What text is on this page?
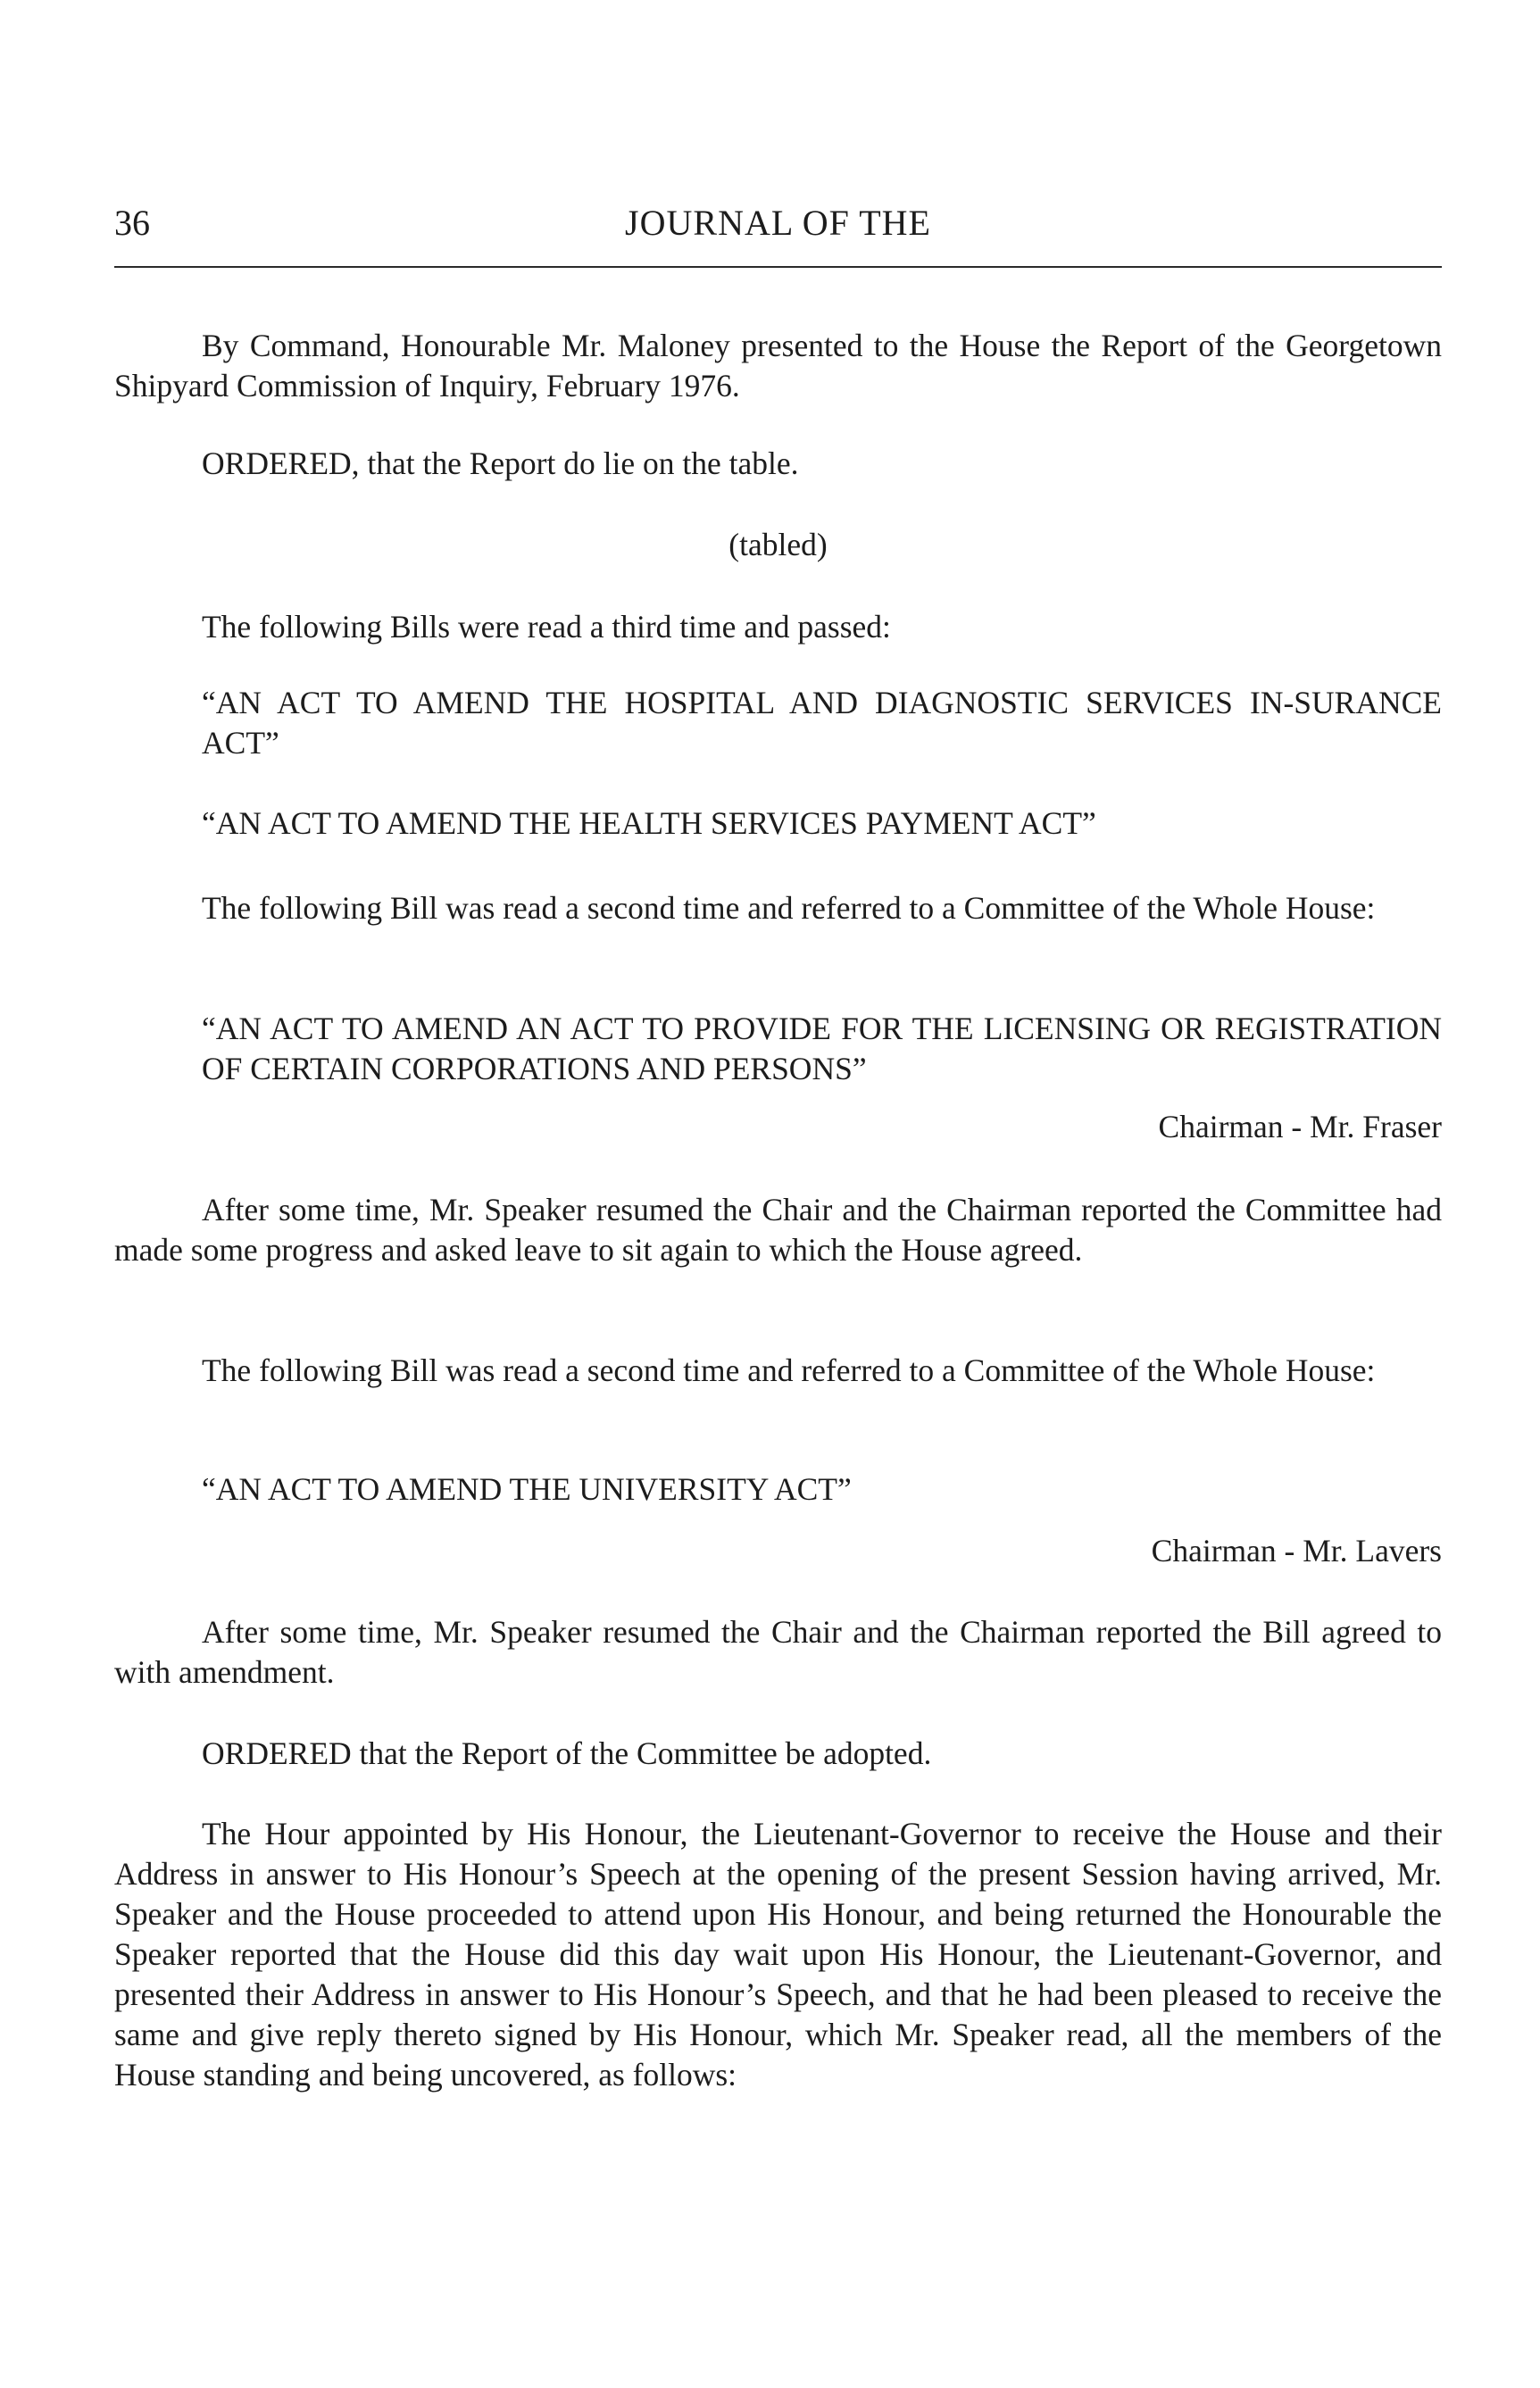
36	JOURNAL OF THE

By Command, Honourable Mr. Maloney presented to the House the Report of the Georgetown Shipyard Commission of Inquiry, February 1976.

ORDERED, that the Report do lie on the table.

(tabled)

The following Bills were read a third time and passed:

“AN ACT TO AMEND THE HOSPITAL AND DIAGNOSTIC SERVICES IN-SURANCE ACT”

“AN ACT TO AMEND THE HEALTH SERVICES PAYMENT ACT”

The following Bill was read a second time and referred to a Committee of the Whole House:

“AN ACT TO AMEND AN ACT TO PROVIDE FOR THE LICENSING OR REGISTRATION OF CERTAIN CORPORATIONS AND PERSONS”

Chairman - Mr. Fraser

After some time, Mr. Speaker resumed the Chair and the Chairman reported the Committee had made some progress and asked leave to sit again to which the House agreed.

The following Bill was read a second time and referred to a Committee of the Whole House:

“AN ACT TO AMEND THE UNIVERSITY ACT”

Chairman - Mr. Lavers

After some time, Mr. Speaker resumed the Chair and the Chairman reported the Bill agreed to with amendment.

ORDERED that the Report of the Committee be adopted.

The Hour appointed by His Honour, the Lieutenant-Governor to receive the House and their Address in answer to His Honour’s Speech at the opening of the present Session having arrived, Mr. Speaker and the House proceeded to attend upon His Honour, and being returned the Honourable the Speaker reported that the House did this day wait upon His Honour, the Lieutenant-Governor, and presented their Address in answer to His Honour’s Speech, and that he had been pleased to receive the same and give reply thereto signed by His Honour, which Mr. Speaker read, all the members of the House standing and being uncovered, as follows:
